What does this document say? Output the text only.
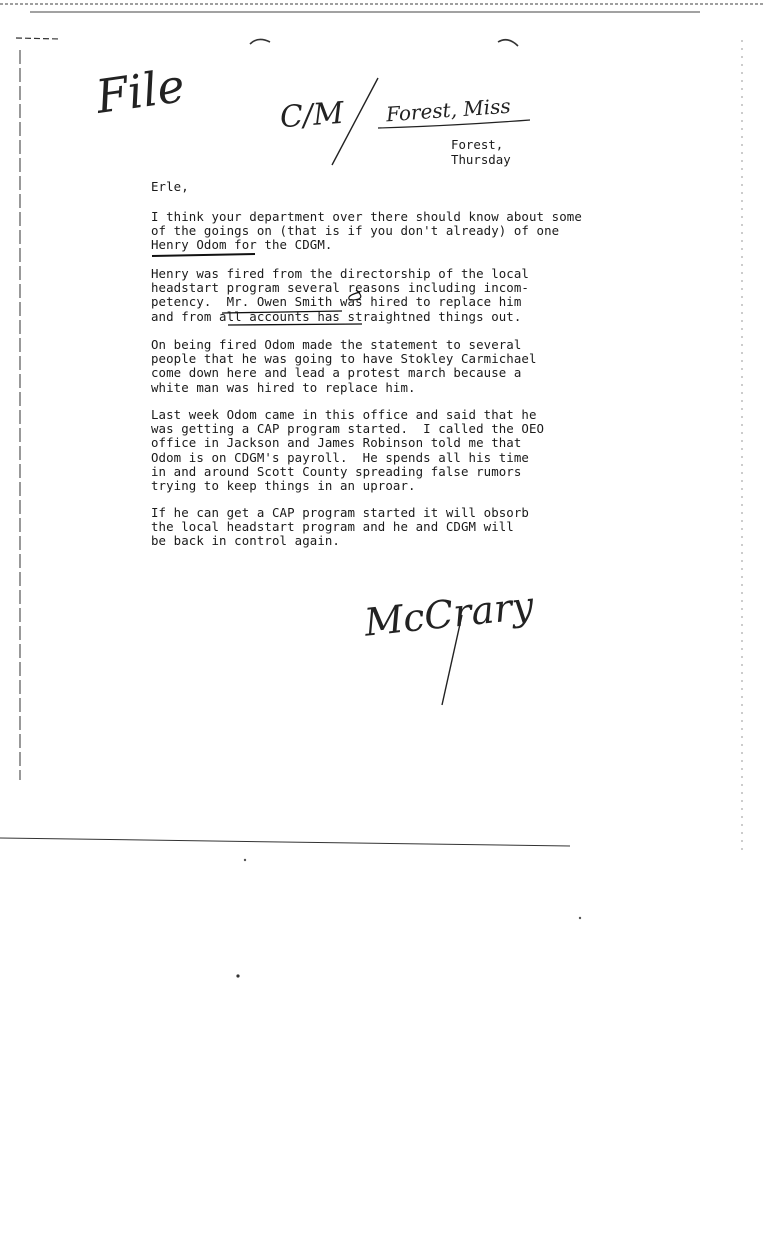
File	C/M Forest, Miss
Forest,
Thursday
Erle,
I think your department over there should know about some
of the goings on (that is if you don't already) of one
Henry Odom for the CDGM.
Henry was fired from the directorship of the local
headstart program several reasons including incom-
petency.  Mr. Owen Smith was hired to replace him
and from all accounts has straightned things out.
On being fired Odom made the statement to several
people that he was going to have Stokley Carmichael
come down here and lead a protest march because a
white man was hired to replace him.
Last week Odom came in this office and said that he
was getting a CAP program started.  I called the OEO
office in Jackson and James Robinson told me that
Odom is on CDGM's payroll.  He spends all his time
in and around Scott County spreading false rumors
trying to keep things in an uproar.
If he can get a CAP program started it will obsorb
the local headstart program and he and CDGM will
be back in control again.
McCrary
